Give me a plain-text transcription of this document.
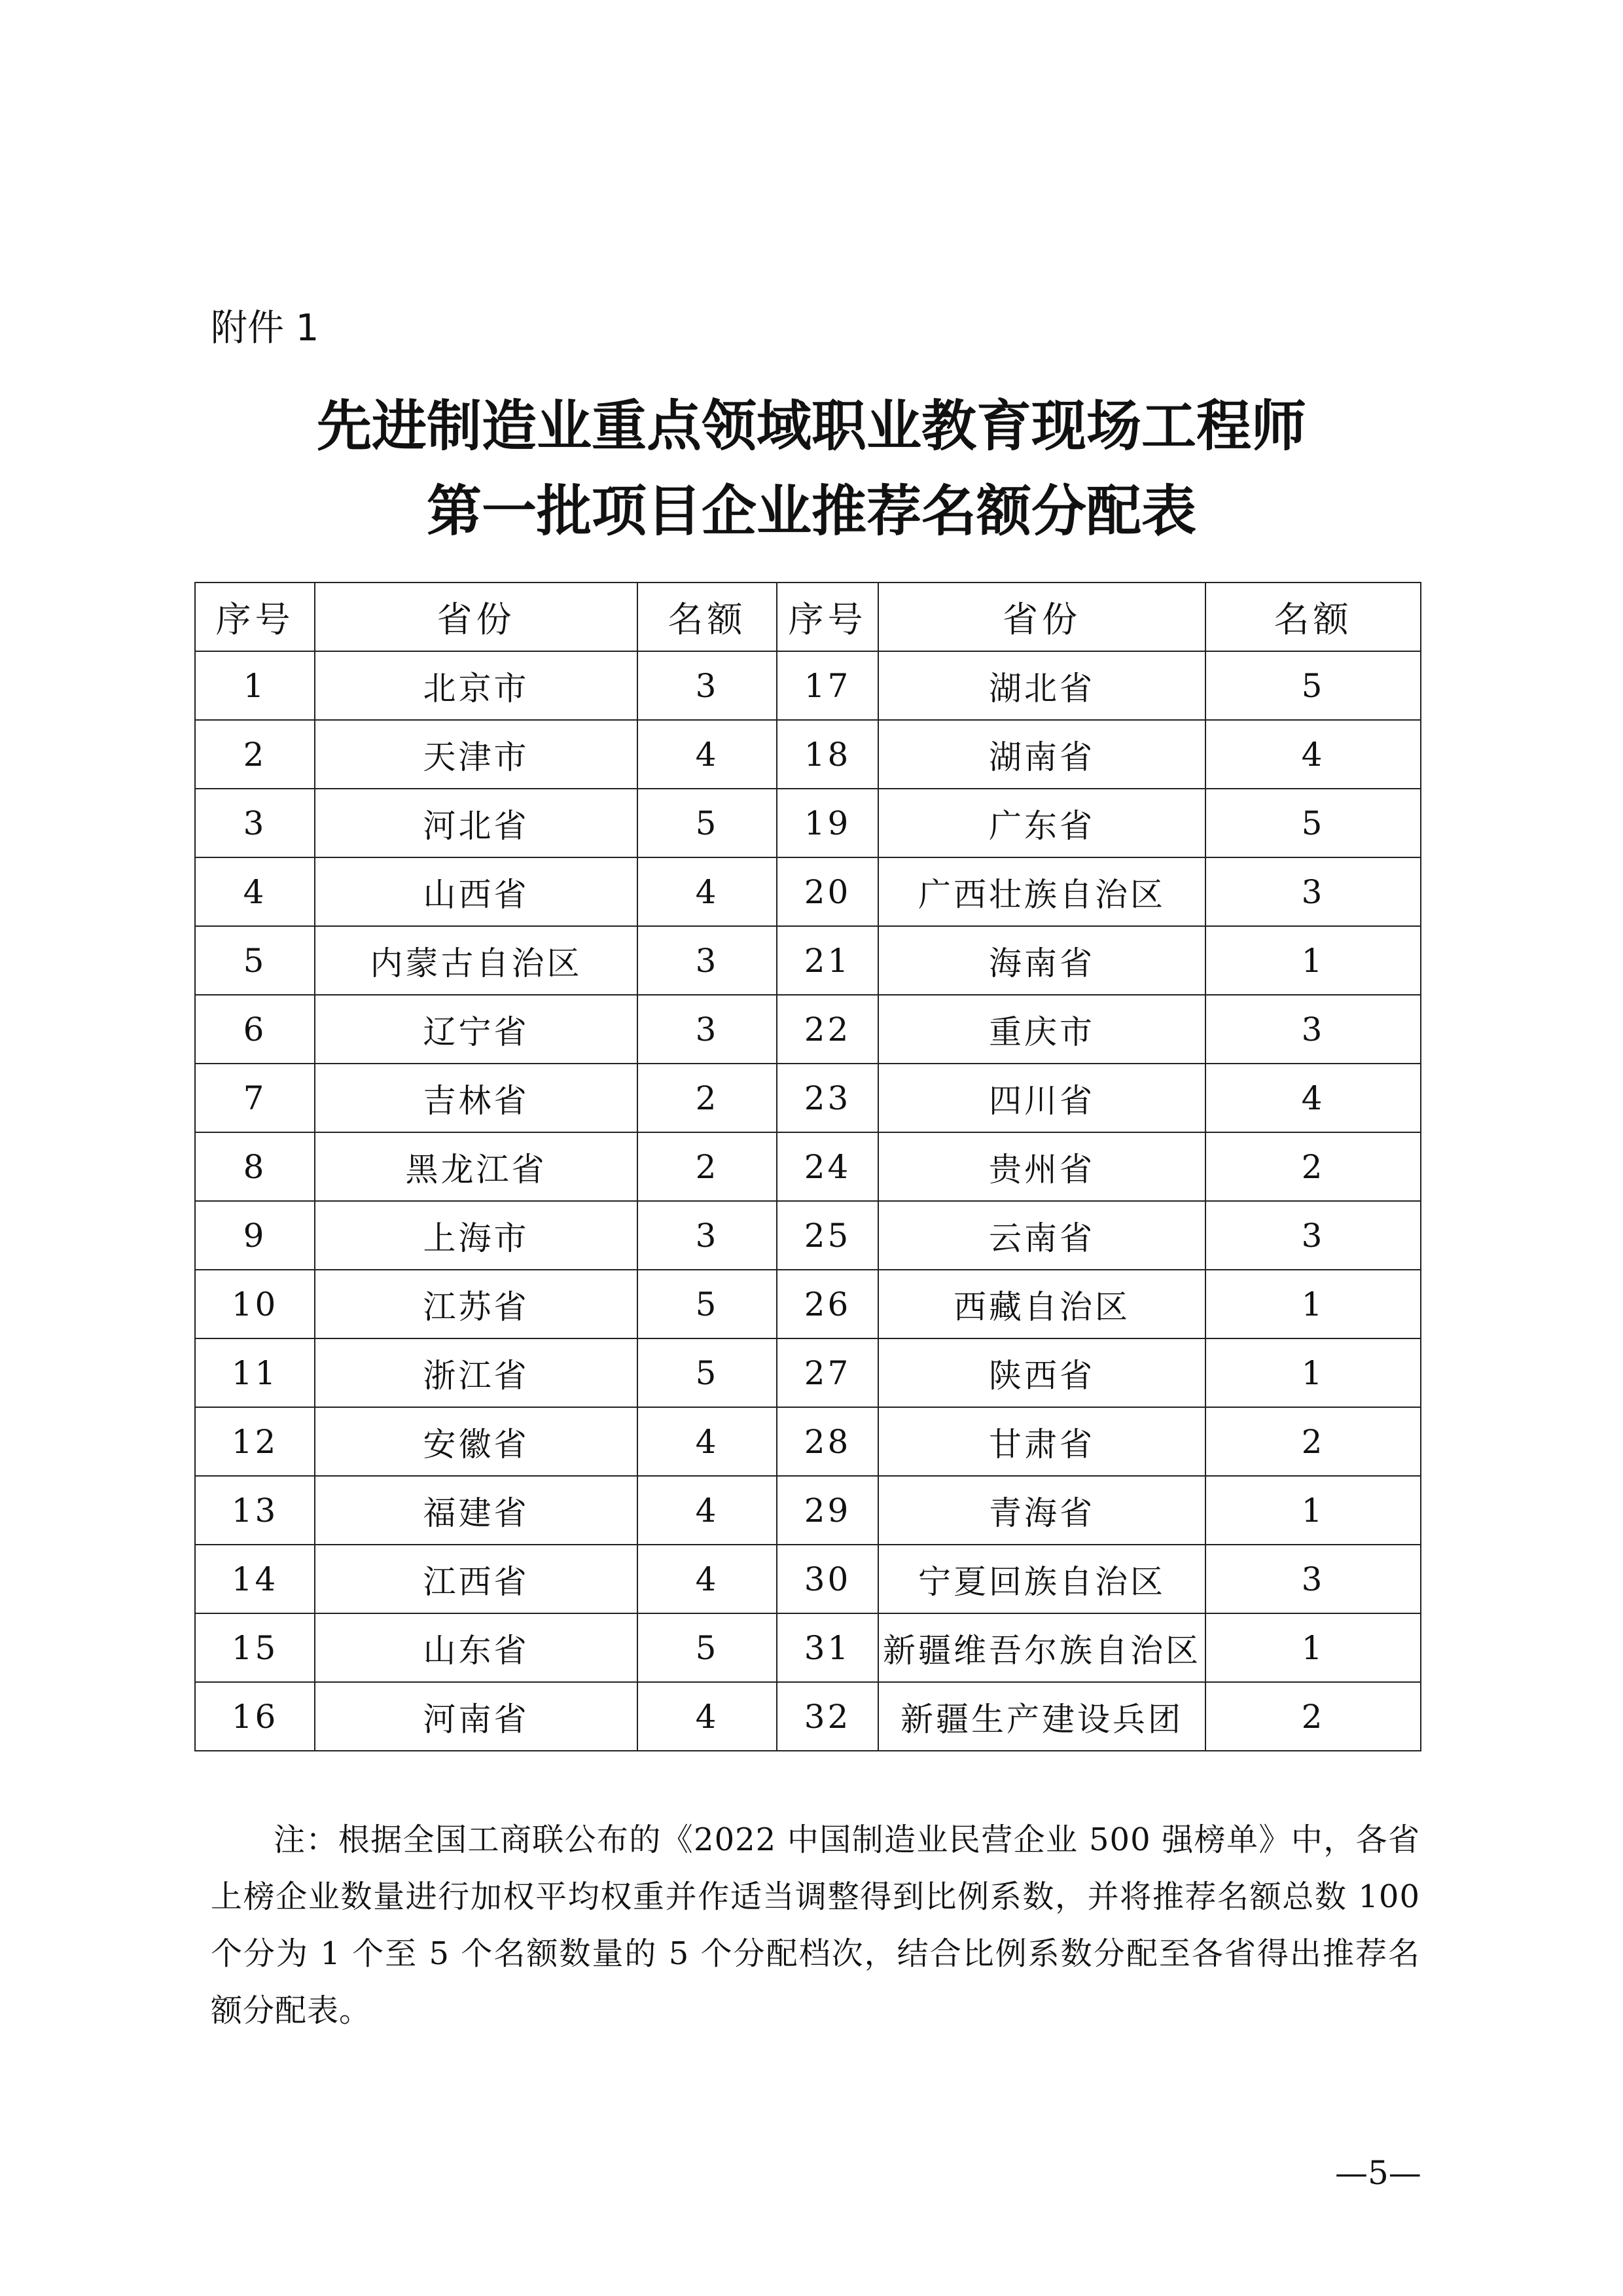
附件 1

先进制造业重点领域职业教育现场工程师
第一批项目企业推荐名额分配表
序号	省份	名额	序号	省份	名额
1	北京市	3	17	湖北省	5
2	天津市	4	18	湖南省	4
3	河北省	5	19	广东省	5
4	山西省	4	20	广西壮族自治区	3
5	内蒙古自治区	3	21	海南省	1
6	辽宁省	3	22	重庆市	3
7	吉林省	2	23	四川省	4
8	黑龙江省	2	24	贵州省	2
9	上海市	3	25	云南省	3
10	江苏省	5	26	西藏自治区	1
11	浙江省	5	27	陕西省	1
12	安徽省	4	28	甘肃省	2
13	福建省	4	29	青海省	1
14	江西省	4	30	宁夏回族自治区	3
15	山东省	5	31	新疆维吾尔族自治区	1
16	河南省	4	32	新疆生产建设兵团	2

注：根据全国工商联公布的《2022 中国制造业民营企业 500 强榜单》中，各省上榜企业数量进行加权平均权重并作适当调整得到比例系数，并将推荐名额总数 100 个分为 1 个至 5 个名额数量的 5 个分配档次，结合比例系数分配至各省得出推荐名额分配表。

—5—
